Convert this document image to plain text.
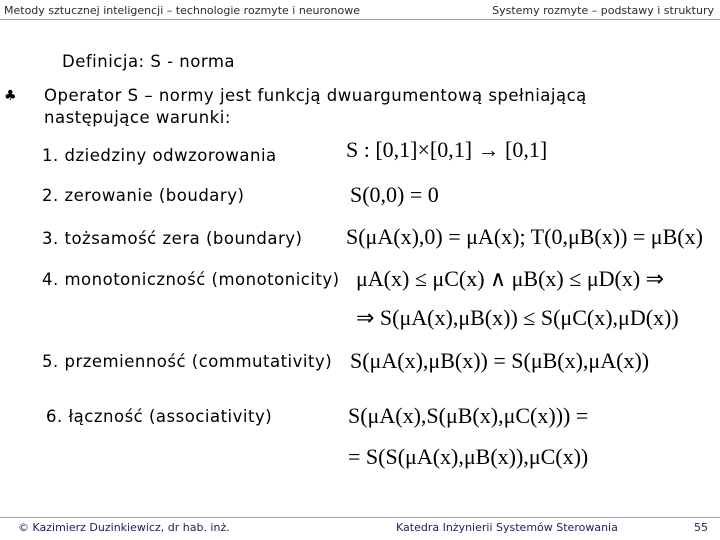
Metody sztucznej inteligencji – technologie rozmyte i neuronowe	Systemy rozmyte – podstawy i struktury
Definicja: S - norma
♣ Operator S – normy jest funkcją dwuargumentową spełniającą
następujące warunki:
1. dziedziny odwzorowania	S : [0,1]×[0,1] → [0,1]
2. zerowanie (boudary)	S(0,0) = 0
3. tożsamość zera (boundary) S(μA(x),0) = μA(x); T(0,μB(x)) = μB(x)
4. monotoniczność (monotonicity) μA(x) ≤ μC(x) ∧ μB(x) ≤ μD(x) ⇒
⇒ S(μA(x),μB(x)) ≤ S(μC(x),μD(x))
5. przemienność (commutativity) S(μA(x),μB(x)) = S(μB(x),μA(x))
6. łączność (associativity)	S(μA(x),S(μB(x),μC(x))) =
= S(S(μA(x),μB(x)),μC(x))
© Kazimierz Duzinkiewicz, dr hab. inż.	Katedra Inżynierii Systemów Sterowania	55
